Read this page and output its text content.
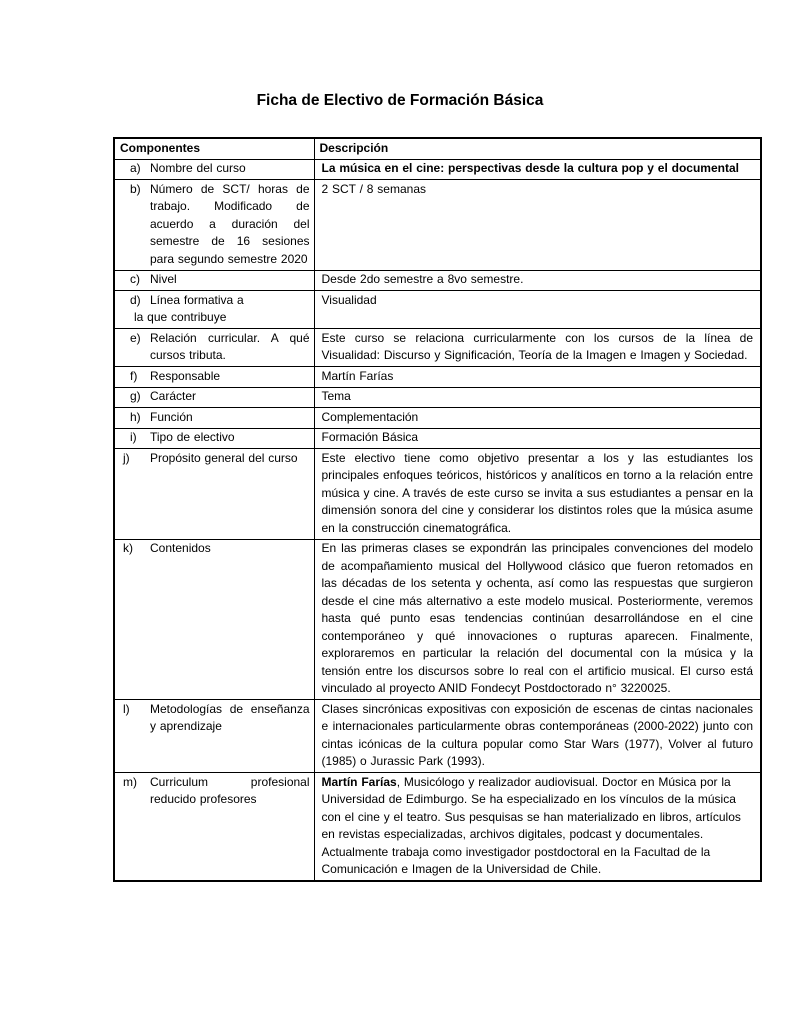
Ficha de Electivo de Formación Básica
Componentes	Descripción

a) Nombre del curso	La música en el cine: perspectivas desde la cultura pop y el documental

b) Número de SCT/ horas de trabajo. Modificado de acuerdo a duración del semestre de 16 sesiones para segundo semestre 2020	2 SCT / 8 semanas

c) Nivel	Desde 2do semestre a 8vo semestre.

d) Línea formativa a
la que contribuye	Visualidad

e) Relación curricular. A qué cursos tributa.	Este curso se relaciona curricularmente con los cursos de la línea de Visualidad: Discurso y Significación, Teoría de la Imagen e Imagen y Sociedad.

f) Responsable	Martín Farías

g) Carácter	Tema

h) Función	Complementación

i) Tipo de electivo	Formación Básica

j) Propósito general del curso	Este electivo tiene como objetivo presentar a los y las estudiantes los principales enfoques teóricos, históricos y analíticos en torno a la relación entre música y cine. A través de este curso se invita a sus estudiantes a pensar en la dimensión sonora del cine y considerar los distintos roles que la música asume en la construcción cinematográfica.

k) Contenidos	En las primeras clases se expondrán las principales convenciones del modelo de acompañamiento musical del Hollywood clásico que fueron retomados en las décadas de los setenta y ochenta, así como las respuestas que surgieron desde el cine más alternativo a este modelo musical. Posteriormente, veremos hasta qué punto esas tendencias continúan desarrollándose en el cine contemporáneo y qué innovaciones o rupturas aparecen. Finalmente, exploraremos en particular la relación del documental con la música y la tensión entre los discursos sobre lo real con el artificio musical. El curso está vinculado al proyecto ANID Fondecyt Postdoctorado n° 3220025.

l) Metodologías de enseñanza y aprendizaje	Clases sincrónicas expositivas con exposición de escenas de cintas nacionales e internacionales particularmente obras contemporáneas (2000-2022) junto con cintas icónicas de la cultura popular como Star Wars (1977), Volver al futuro (1985) o Jurassic Park (1993).

m) Curriculum profesional reducido profesores	Martín Farías, Musicólogo y realizador audiovisual. Doctor en Música por la Universidad de Edimburgo. Se ha especializado en los vínculos de la música con el cine y el teatro. Sus pesquisas se han materializado en libros, artículos en revistas especializadas, archivos digitales, podcast y documentales. Actualmente trabaja como investigador postdoctoral en la Facultad de la Comunicación e Imagen de la Universidad de Chile.
